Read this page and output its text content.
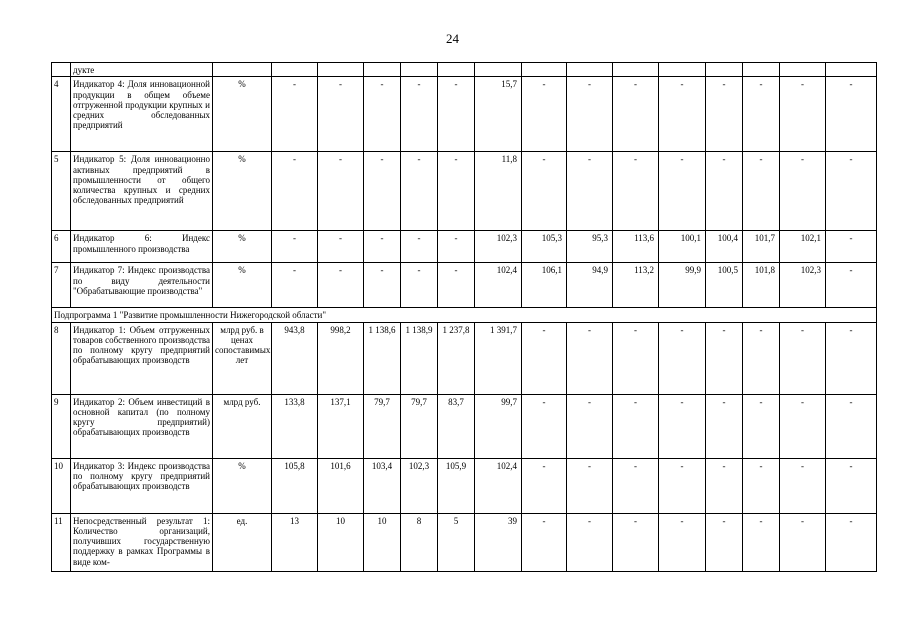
24
	дукте															
4	Индикатор 4: Доля инновационной продукции в общем объеме отгруженной продукции крупных и средних обследованных предприятий	%	-	-	-	-	-	15,7	-	-	-	-	-	-	-	-
5	Индикатор 5: Доля инновационно активных предприятий в промышленности от общего количества крупных и средних обследованных предприятий	%	-	-	-	-	-	11,8	-	-	-	-	-	-	-	-
6	Индикатор 6: Индекс промышленного производства	%	-	-	-	-	-	102,3	105,3	95,3	113,6	100,1	100,4	101,7	102,1	-
7	Индикатор 7: Индекс производства по виду деятельности "Обрабатывающие производства"	%	-	-	-	-	-	102,4	106,1	94,9	113,2	99,9	100,5	101,8	102,3	-
Подпрограмма 1 "Развитие промышленности Нижегородской области"																
8	Индикатор 1: Объем отгруженных товаров собственного производства по полному кругу предприятий обрабатывающих производств	млрд руб. в ценах сопоставимых лет	943,8	998,2	1 138,6	1 138,9	1 237,8	1 391,7	-	-	-	-	-	-	-	-
9	Индикатор 2: Объем инвестиций в основной капитал (по полному кругу предприятий) обрабатывающих производств	млрд руб.	133,8	137,1	79,7	79,7	83,7	99,7	-	-	-	-	-	-	-	-
10	Индикатор 3: Индекс производства по полному кругу предприятий обрабатывающих производств	%	105,8	101,6	103,4	102,3	105,9	102,4	-	-	-	-	-	-	-	-
11	Непосредственный результат 1: Количество организаций, получивших государственную поддержку в рамках Программы в виде ком-	ед.	13	10	10	8	5	39	-	-	-	-	-	-	-	-
